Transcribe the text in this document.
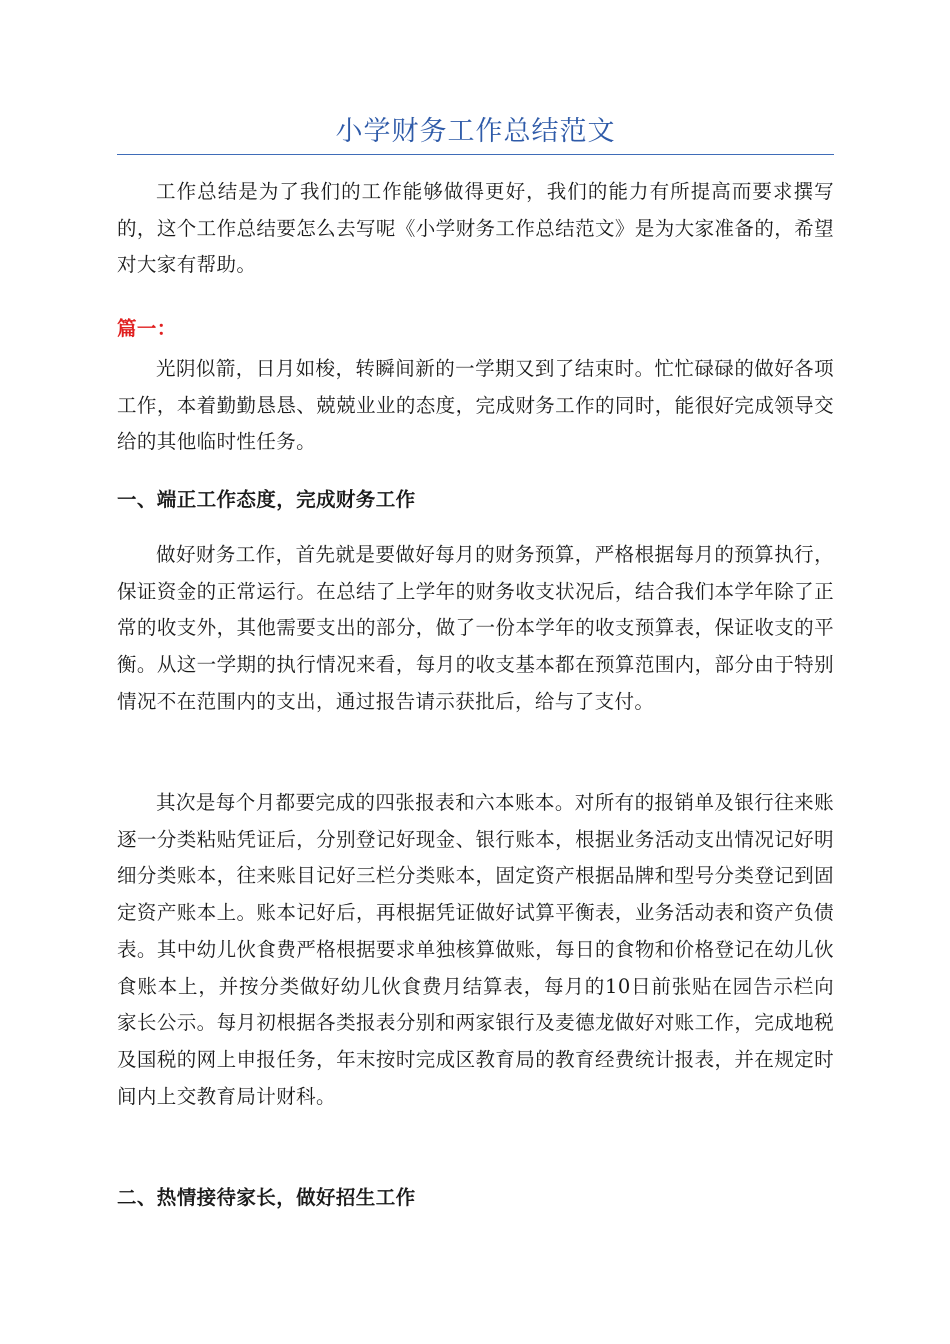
小学财务工作总结范文

工作总结是为了我们的工作能够做得更好，我们的能力有所提高而要求撰写的，这个工作总结要怎么去写呢《小学财务工作总结范文》是为大家准备的，希望对大家有帮助。

篇一：

光阴似箭，日月如梭，转瞬间新的一学期又到了结束时。忙忙碌碌的做好各项工作，本着勤勤恳恳、兢兢业业的态度，完成财务工作的同时，能很好完成领导交给的其他临时性任务。

一、端正工作态度，完成财务工作

做好财务工作，首先就是要做好每月的财务预算，严格根据每月的预算执行，保证资金的正常运行。在总结了上学年的财务收支状况后，结合我们本学年除了正常的收支外，其他需要支出的部分，做了一份本学年的收支预算表，保证收支的平衡。从这一学期的执行情况来看，每月的收支基本都在预算范围内，部分由于特别情况不在范围内的支出，通过报告请示获批后，给与了支付。

其次是每个月都要完成的四张报表和六本账本。对所有的报销单及银行往来账逐一分类粘贴凭证后，分别登记好现金、银行账本，根据业务活动支出情况记好明细分类账本，往来账目记好三栏分类账本，固定资产根据品牌和型号分类登记到固定资产账本上。账本记好后，再根据凭证做好试算平衡表，业务活动表和资产负债表。其中幼儿伙食费严格根据要求单独核算做账，每日的食物和价格登记在幼儿伙食账本上，并按分类做好幼儿伙食费月结算表，每月的10日前张贴在园告示栏向家长公示。每月初根据各类报表分别和两家银行及麦德龙做好对账工作，完成地税及国税的网上申报任务，年末按时完成区教育局的教育经费统计报表，并在规定时间内上交教育局计财科。

二、热情接待家长，做好招生工作
